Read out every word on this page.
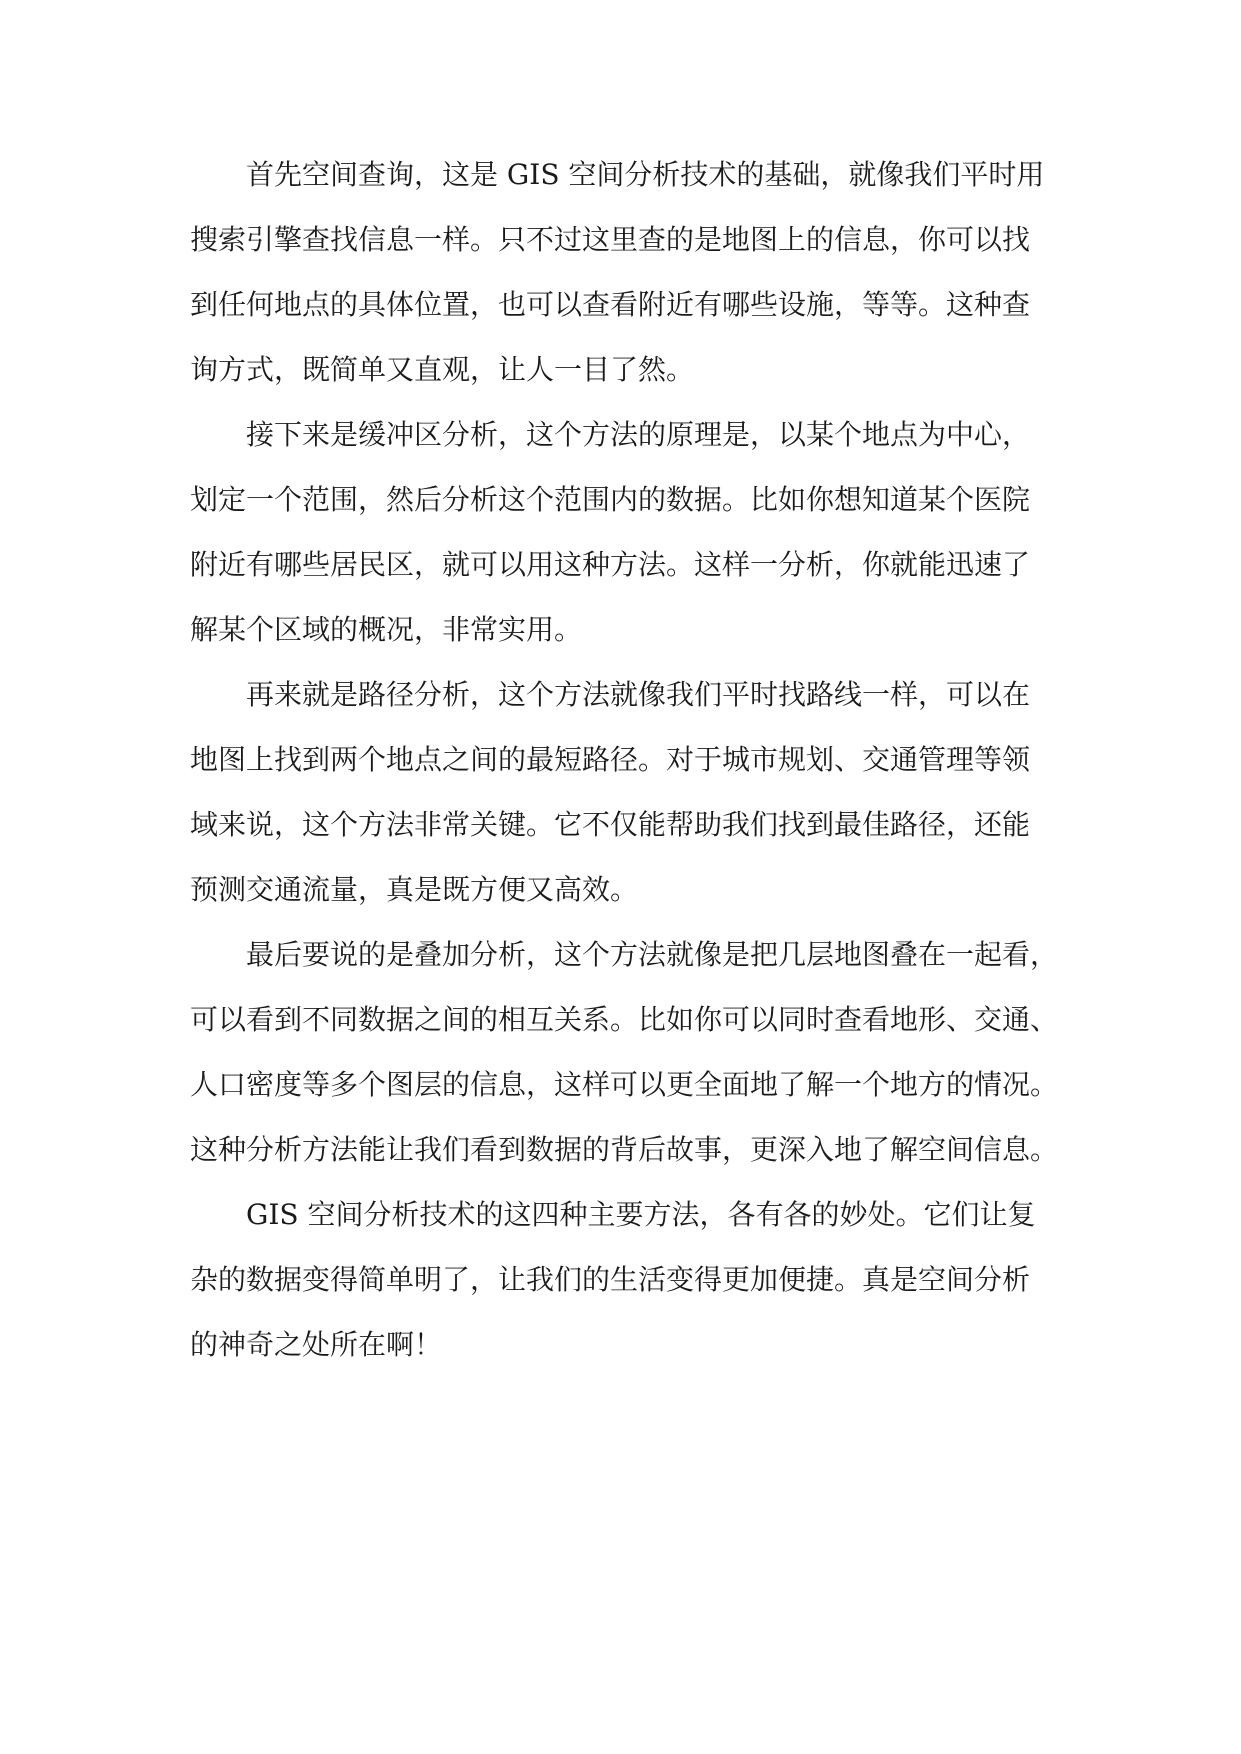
首先空间查询，这是 GIS 空间分析技术的基础，就像我们平时用

搜索引擎查找信息一样。只不过这里查的是地图上的信息，你可以找

到任何地点的具体位置，也可以查看附近有哪些设施，等等。这种查

询方式，既简单又直观，让人一目了然。

接下来是缓冲区分析，这个方法的原理是，以某个地点为中心，

划定一个范围，然后分析这个范围内的数据。比如你想知道某个医院

附近有哪些居民区，就可以用这种方法。这样一分析，你就能迅速了

解某个区域的概况，非常实用。

再来就是路径分析，这个方法就像我们平时找路线一样，可以在

地图上找到两个地点之间的最短路径。对于城市规划、交通管理等领

域来说，这个方法非常关键。它不仅能帮助我们找到最佳路径，还能

预测交通流量，真是既方便又高效。

最后要说的是叠加分析，这个方法就像是把几层地图叠在一起看，

可以看到不同数据之间的相互关系。比如你可以同时查看地形、交通、

人口密度等多个图层的信息，这样可以更全面地了解一个地方的情况。

这种分析方法能让我们看到数据的背后故事，更深入地了解空间信息。

GIS 空间分析技术的这四种主要方法，各有各的妙处。它们让复

杂的数据变得简单明了，让我们的生活变得更加便捷。真是空间分析

的神奇之处所在啊！
